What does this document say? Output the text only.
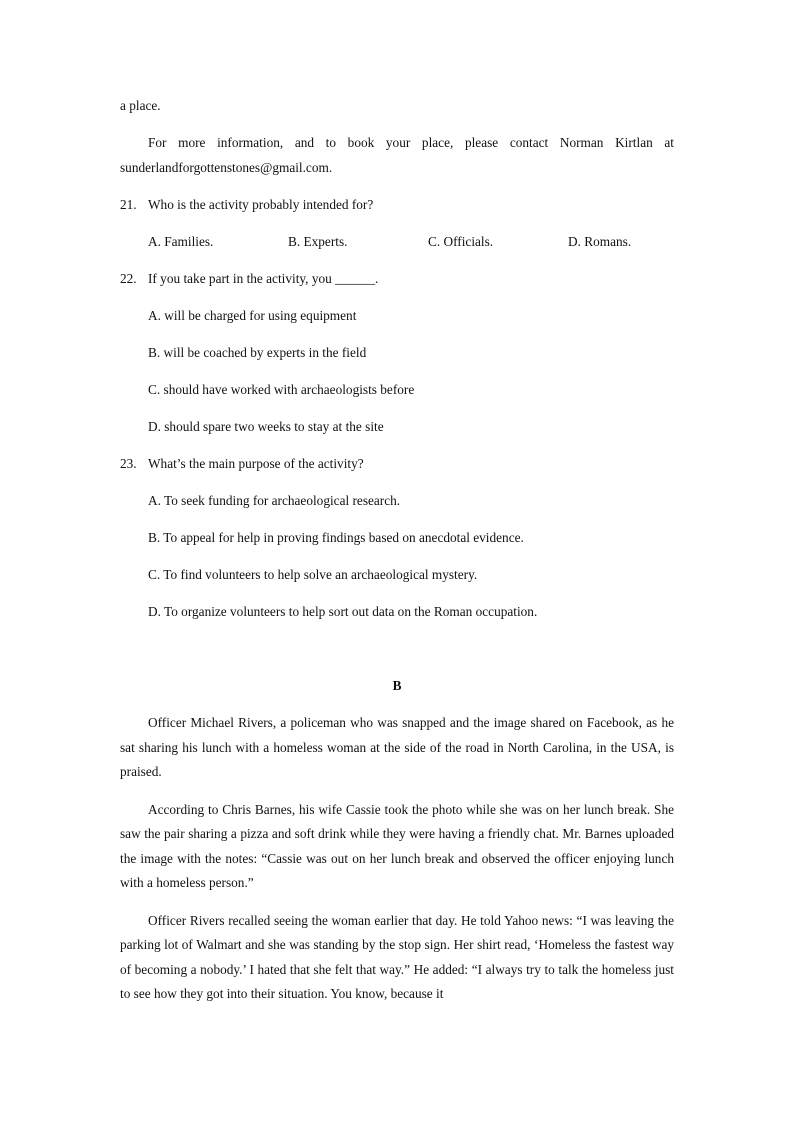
a place.

For more information, and to book your place, please contact Norman Kirtlan at sunderlandforgottenstones@gmail.com.

21. Who is the activity probably intended for?
A. Families.	B. Experts.	C. Officials.	D. Romans.
22. If you take part in the activity, you ______.

A. will be charged for using equipment

B. will be coached by experts in the field

C. should have worked with archaeologists before

D. should spare two weeks to stay at the site

23. What’s the main purpose of the activity?

A. To seek funding for archaeological research.

B. To appeal for help in proving findings based on anecdotal evidence.

C. To find volunteers to help solve an archaeological mystery.

D. To organize volunteers to help sort out data on the Roman occupation.

B

Officer Michael Rivers, a policeman who was snapped and the image shared on Facebook, as he sat sharing his lunch with a homeless woman at the side of the road in North Carolina, in the USA, is praised.

According to Chris Barnes, his wife Cassie took the photo while she was on her lunch break. She saw the pair sharing a pizza and soft drink while they were having a friendly chat. Mr. Barnes uploaded the image with the notes: “Cassie was out on her lunch break and observed the officer enjoying lunch with a homeless person.”

Officer Rivers recalled seeing the woman earlier that day. He told Yahoo news: “I was leaving the parking lot of Walmart and she was standing by the stop sign. Her shirt read, ‘Homeless the fastest way of becoming a nobody.’ I hated that she felt that way.” He added: “I always try to talk the homeless just to see how they got into their situation. You know, because it
